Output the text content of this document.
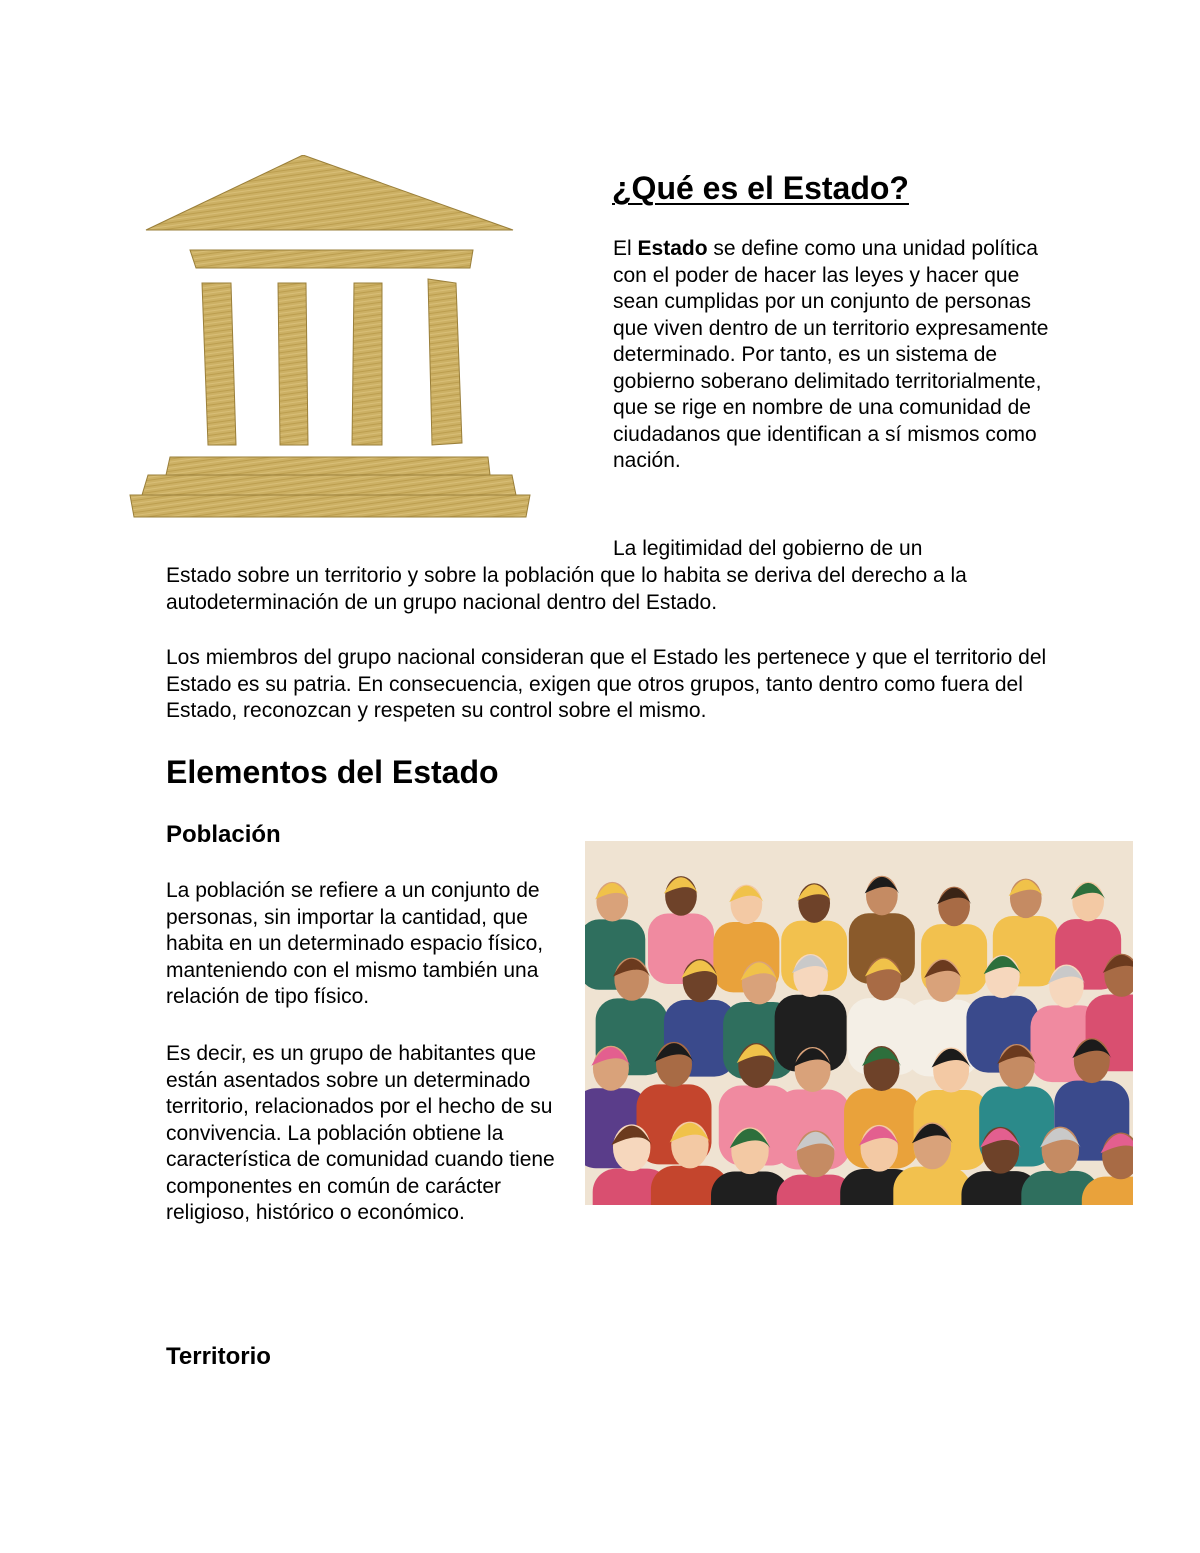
¿Qué es el Estado?

El Estado se define como una unidad política con el poder de hacer las leyes y hacer que sean cumplidas por un conjunto de personas que viven dentro de un territorio expresamente determinado. Por tanto, es un sistema de gobierno soberano delimitado territorialmente, que se rige en nombre de una comunidad de ciudadanos que identifican a sí mismos como nación.

La legitimidad del gobierno de un

Estado sobre un territorio y sobre la población que lo habita se deriva del derecho a la autodeterminación de un grupo nacional dentro del Estado.

Los miembros del grupo nacional consideran que el Estado les pertenece y que el territorio del Estado es su patria. En consecuencia, exigen que otros grupos, tanto dentro como fuera del Estado, reconozcan y respeten su control sobre el mismo.

Elementos del Estado
Población

La población se refiere a un conjunto de personas, sin importar la cantidad, que habita en un determinado espacio físico, manteniendo con el mismo también una relación de tipo físico.

Es decir, es un grupo de habitantes que están asentados sobre un determinado territorio, relacionados por el hecho de su convivencia. La población obtiene la característica de comunidad cuando tiene componentes en común de carácter religioso, histórico o económico.

Territorio
